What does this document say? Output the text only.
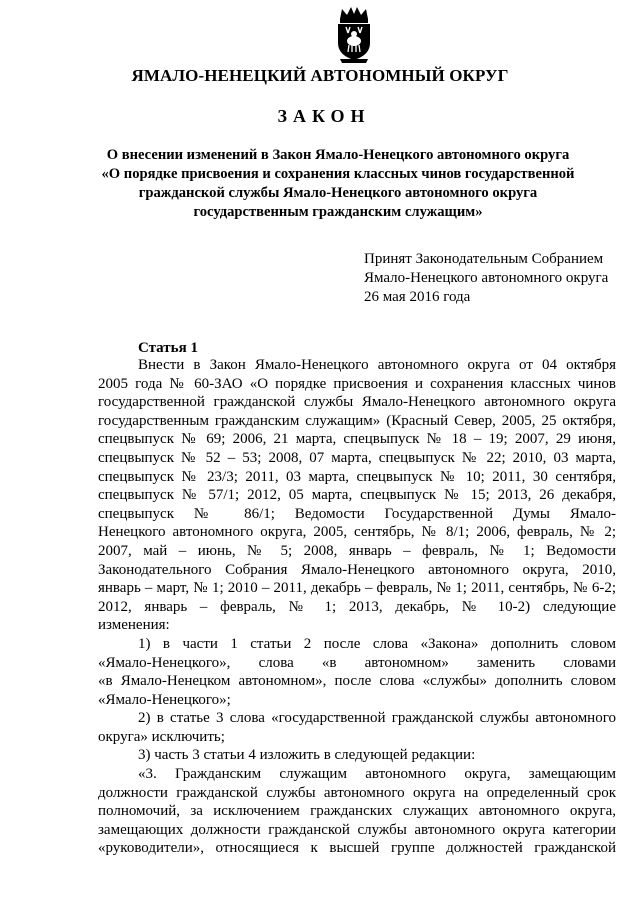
ЯМАЛО-НЕНЕЦКИЙ АВТОНОМНЫЙ ОКРУГ
ЗАКОН
О внесении изменений в Закон Ямало-Ненецкого автономного округа
«О порядке присвоения и сохранения классных чинов государственной
гражданской службы Ямало-Ненецкого автономного округа
государственным гражданским служащим»
Принят Законодательным Собранием
Ямало-Ненецкого автономного округа
26 мая 2016 года
Статья 1
Внести в Закон Ямало-Ненецкого автономного округа от 04 октября
2005 года № 60-ЗАО «О порядке присвоения и сохранения классных чинов
государственной гражданской службы Ямало-Ненецкого автономного округа
государственным гражданским служащим» (Красный Север, 2005, 25 октября,
спецвыпуск № 69; 2006, 21 марта, спецвыпуск № 18 – 19; 2007, 29 июня,
спецвыпуск № 52 – 53; 2008, 07 марта, спецвыпуск № 22; 2010, 03 марта,
спецвыпуск № 23/3; 2011, 03 марта, спецвыпуск № 10; 2011, 30 сентября,
спецвыпуск № 57/1; 2012, 05 марта, спецвыпуск № 15; 2013, 26 декабря,
спецвыпуск № 86/1; Ведомости Государственной Думы Ямало-
Ненецкого автономного округа, 2005, сентябрь, № 8/1; 2006, февраль, № 2;
2007, май – июнь, № 5; 2008, январь – февраль, № 1; Ведомости
Законодательного Собрания Ямало-Ненецкого автономного округа, 2010,
январь – март, № 1; 2010 – 2011, декабрь – февраль, № 1; 2011, сентябрь, № 6-2;
2012, январь – февраль, № 1; 2013, декабрь, № 10-2) следующие
изменения:
1) в части 1 статьи 2 после слова «Закона» дополнить словом
«Ямало-Ненецкого», слова «в автономном» заменить словами
«в Ямало-Ненецком автономном», после слова «службы» дополнить словом
«Ямало-Ненецкого»;
2) в статье 3 слова «государственной гражданской службы автономного
округа» исключить;
3) часть 3 статьи 4 изложить в следующей редакции:
«3. Гражданским служащим автономного округа, замещающим
должности гражданской службы автономного округа на определенный срок
полномочий, за исключением гражданских служащих автономного округа,
замещающих должности гражданской службы автономного округа категории
«руководители», относящиеся к высшей группе должностей гражданской
